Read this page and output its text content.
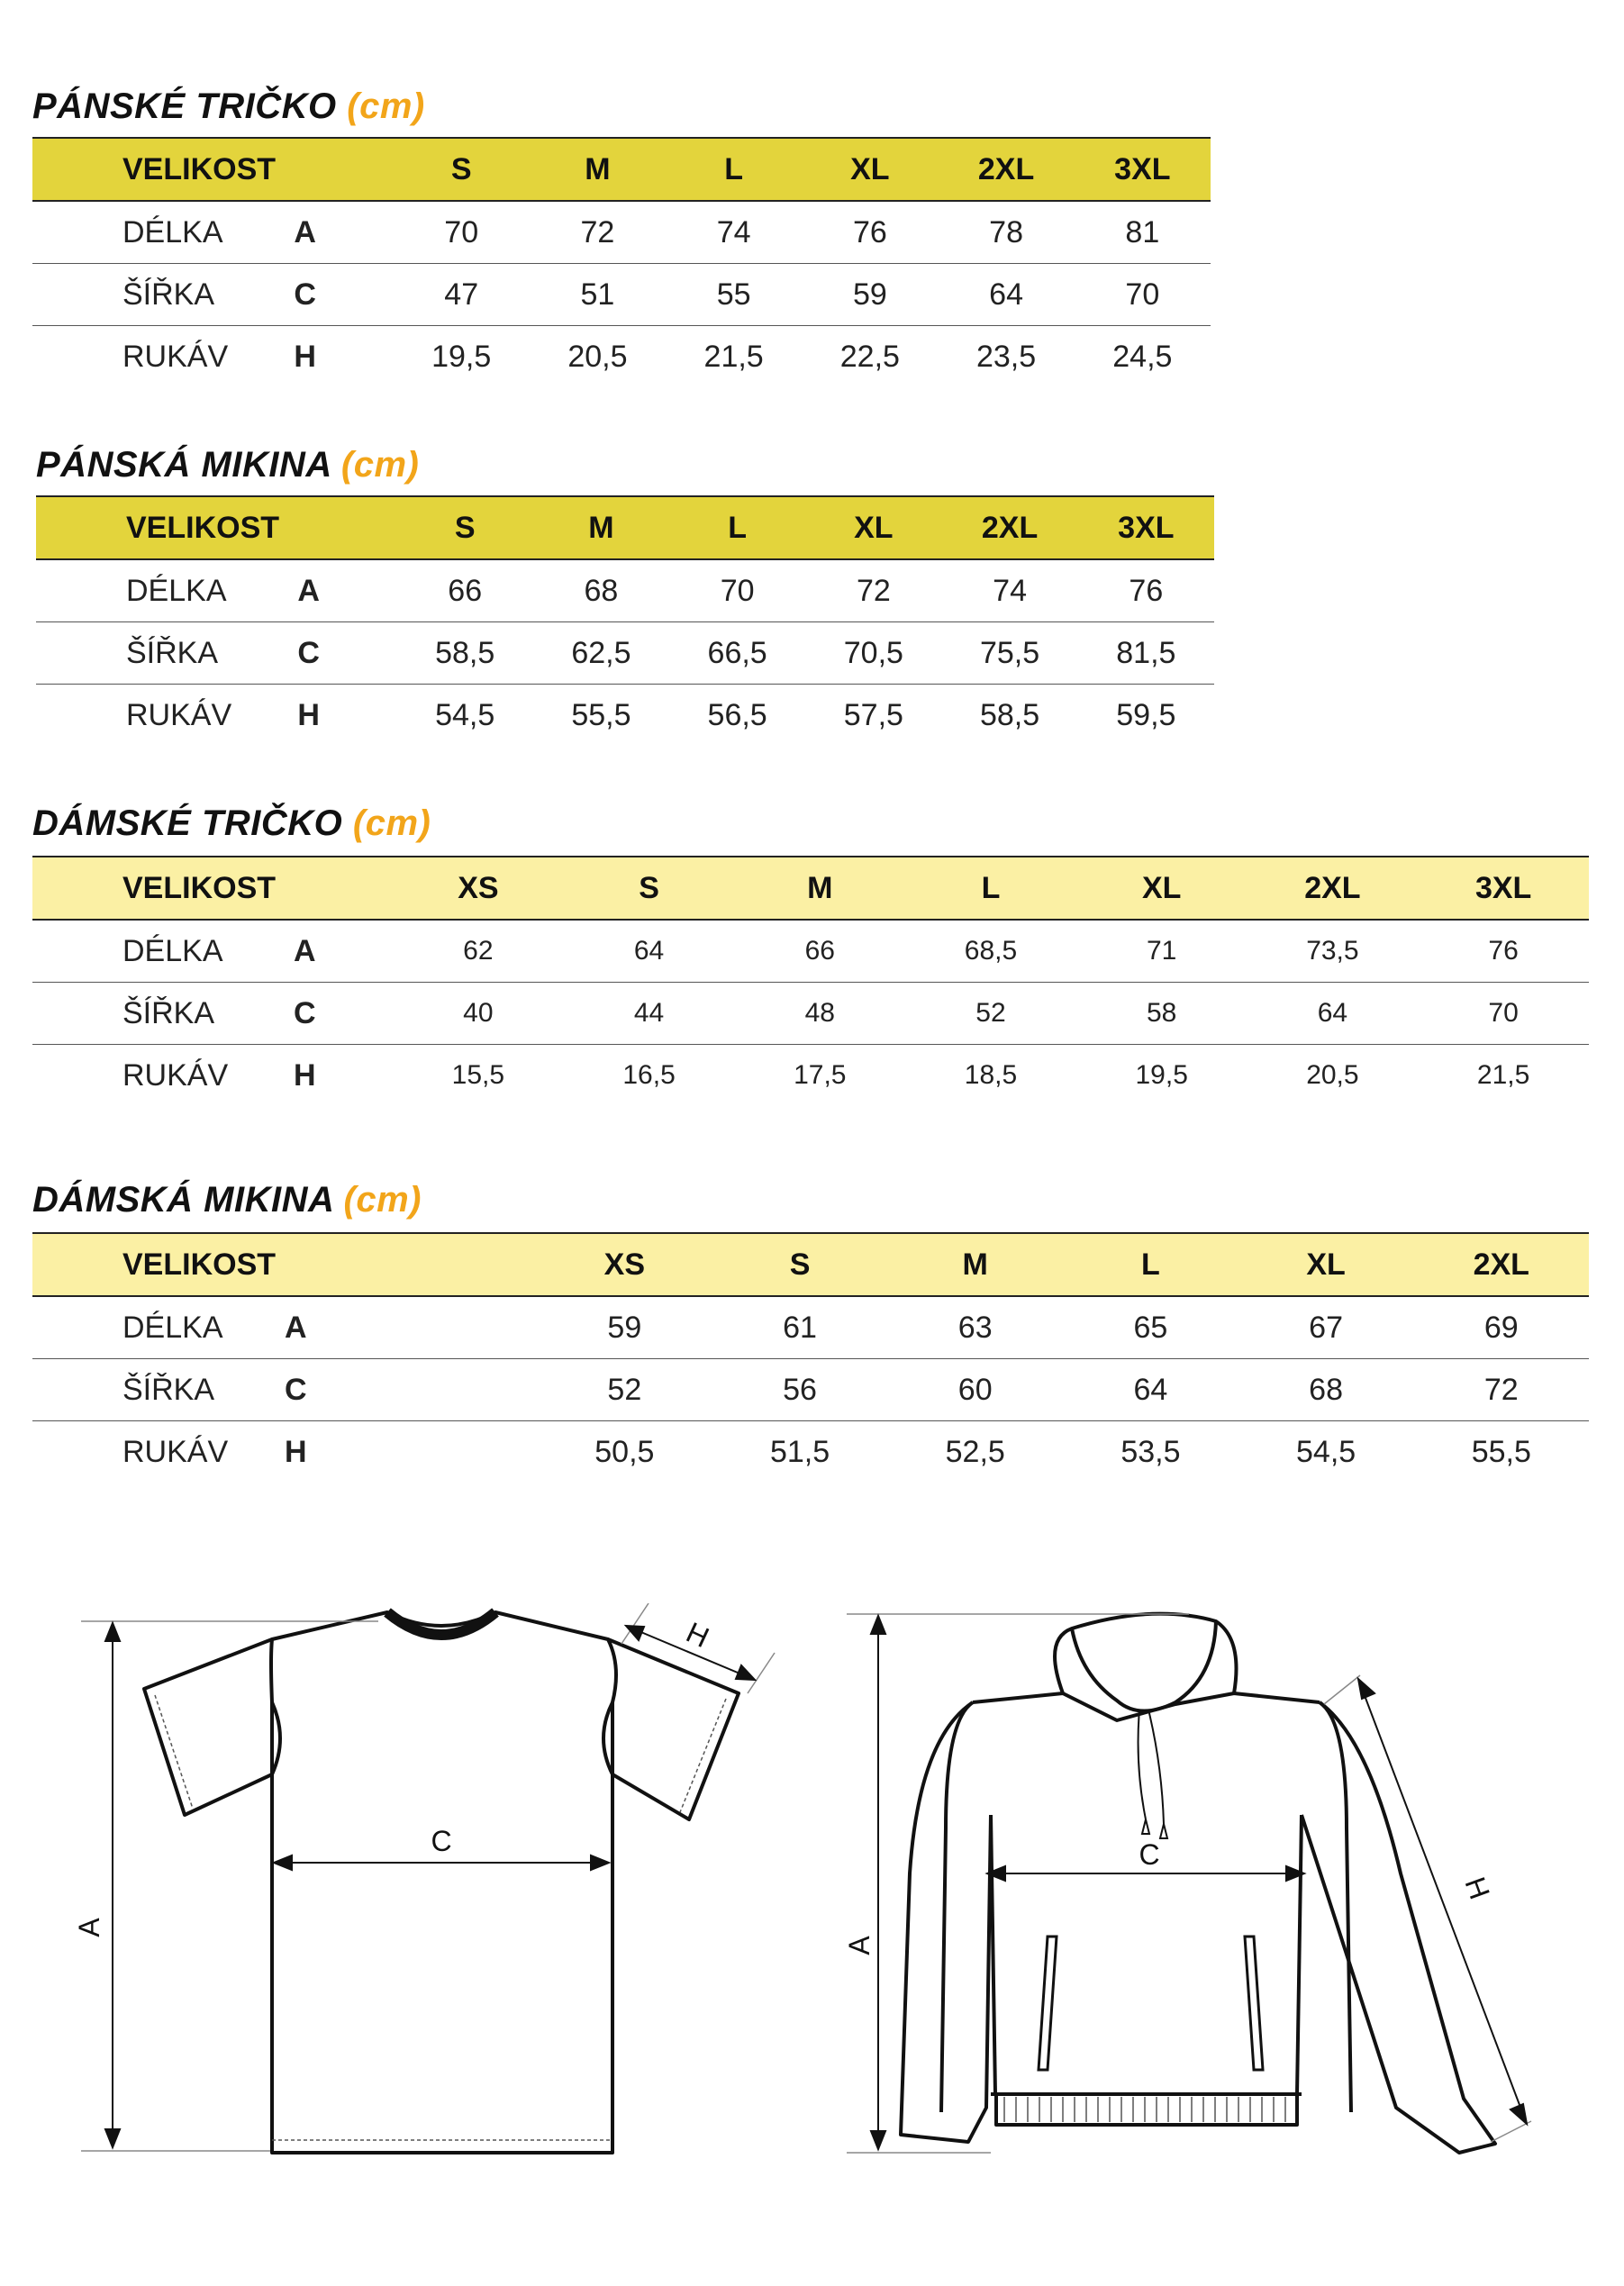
PÁNSKÉ TRIČKO (cm)
VELIKOST		S	M	L	XL	2XL	3XL
DÉLKA	A	70	72	74	76	78	81
ŠÍŘKA	C	47	51	55	59	64	70
RUKÁV	H	19,5	20,5	21,5	22,5	23,5	24,5
PÁNSKÁ MIKINA (cm)
VELIKOST		S	M	L	XL	2XL	3XL
DÉLKA	A	66	68	70	72	74	76
ŠÍŘKA	C	58,5	62,5	66,5	70,5	75,5	81,5
RUKÁV	H	54,5	55,5	56,5	57,5	58,5	59,5
DÁMSKÉ TRIČKO (cm)
VELIKOST		XS	S	M	L	XL	2XL	3XL
DÉLKA	A	62	64	66	68,5	71	73,5	76
ŠÍŘKA	C	40	44	48	52	58	64	70
RUKÁV	H	15,5	16,5	17,5	18,5	19,5	20,5	21,5
DÁMSKÁ MIKINA (cm)
VELIKOST		XS	S	M	L	XL	2XL
DÉLKA	A	59	61	63	65	67	69
ŠÍŘKA	C	52	56	60	64	68	72
RUKÁV	H	50,5	51,5	52,5	53,5	54,5	55,5
A
C
H
A
C
H
